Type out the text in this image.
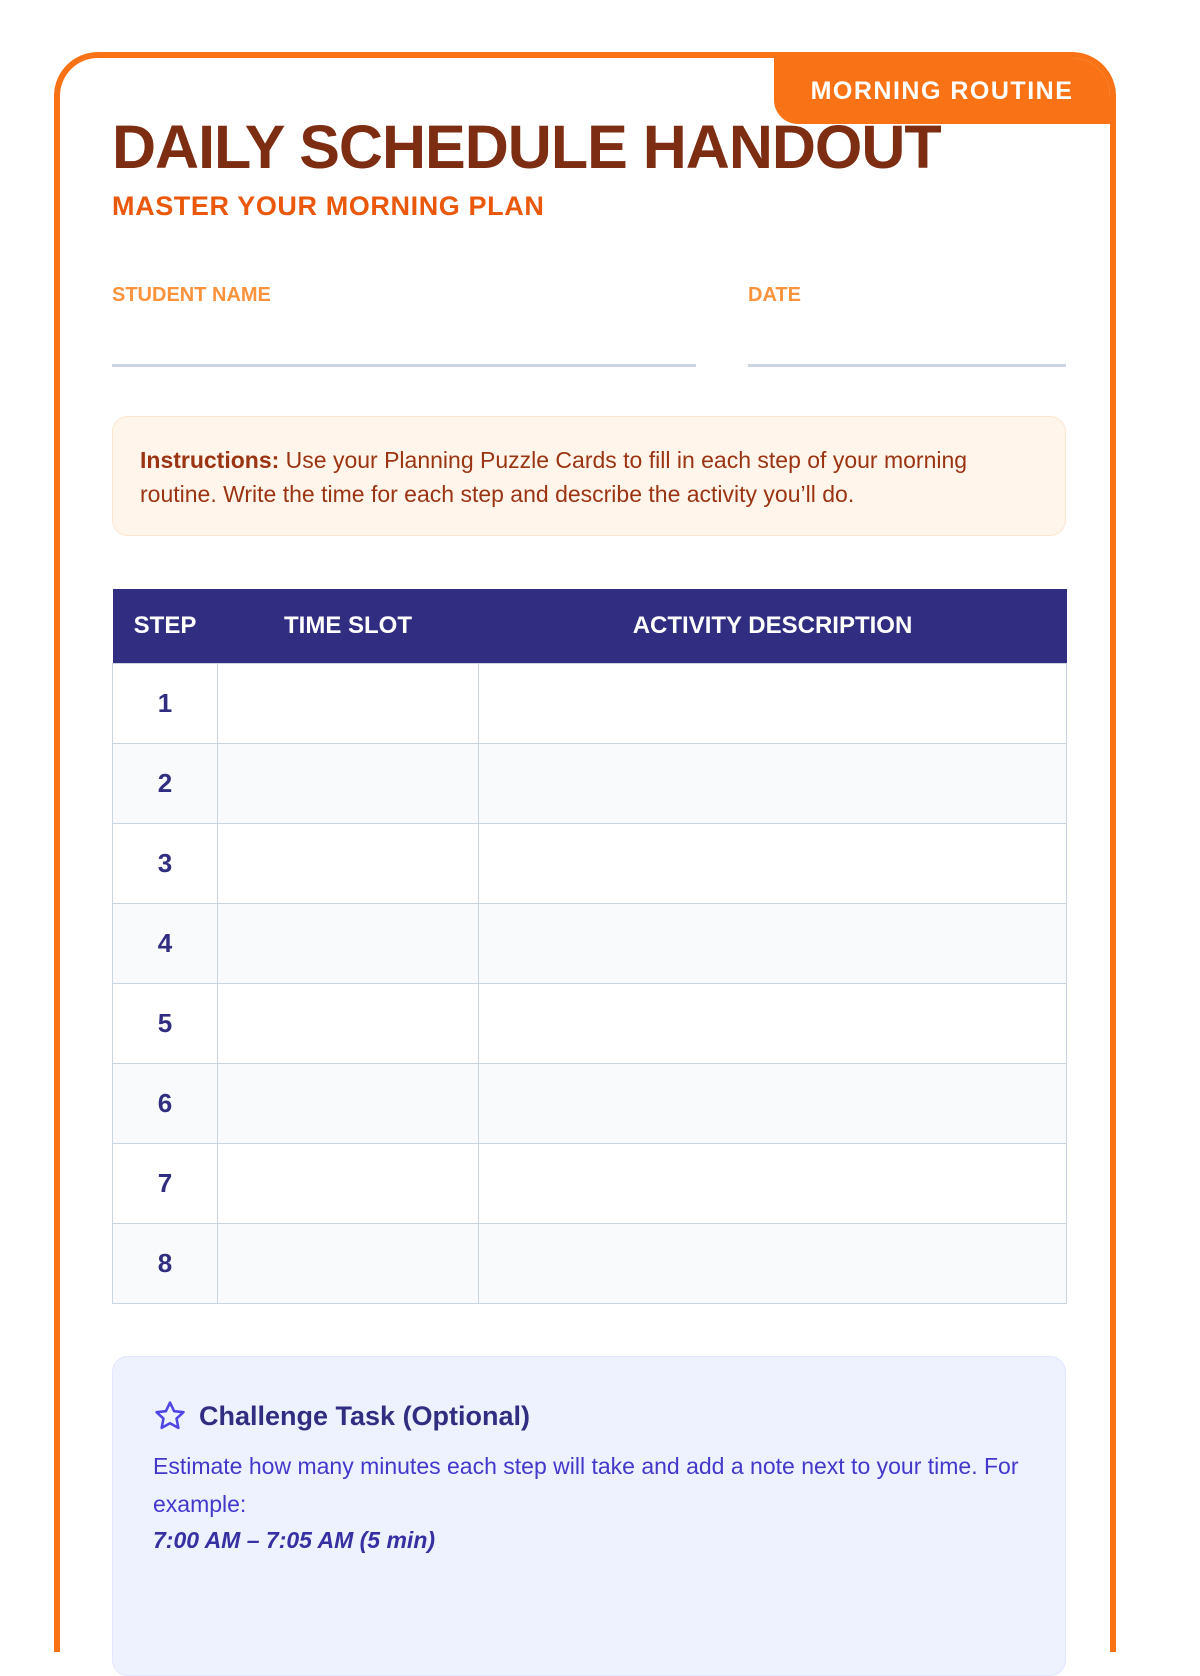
MORNING ROUTINE
DAILY SCHEDULE HANDOUT
MASTER YOUR MORNING PLAN
STUDENT NAME	DATE
Instructions: Use your Planning Puzzle Cards to fill in each step of your morning routine. Write the time for each step and describe the activity you’ll do.
STEP	TIME SLOT	ACTIVITY DESCRIPTION
1		
2		
3		
4		
5		
6		
7		
8		
Challenge Task (Optional)
Estimate how many minutes each step will take and add a note next to your time. For example:
7:00 AM – 7:05 AM (5 min)
